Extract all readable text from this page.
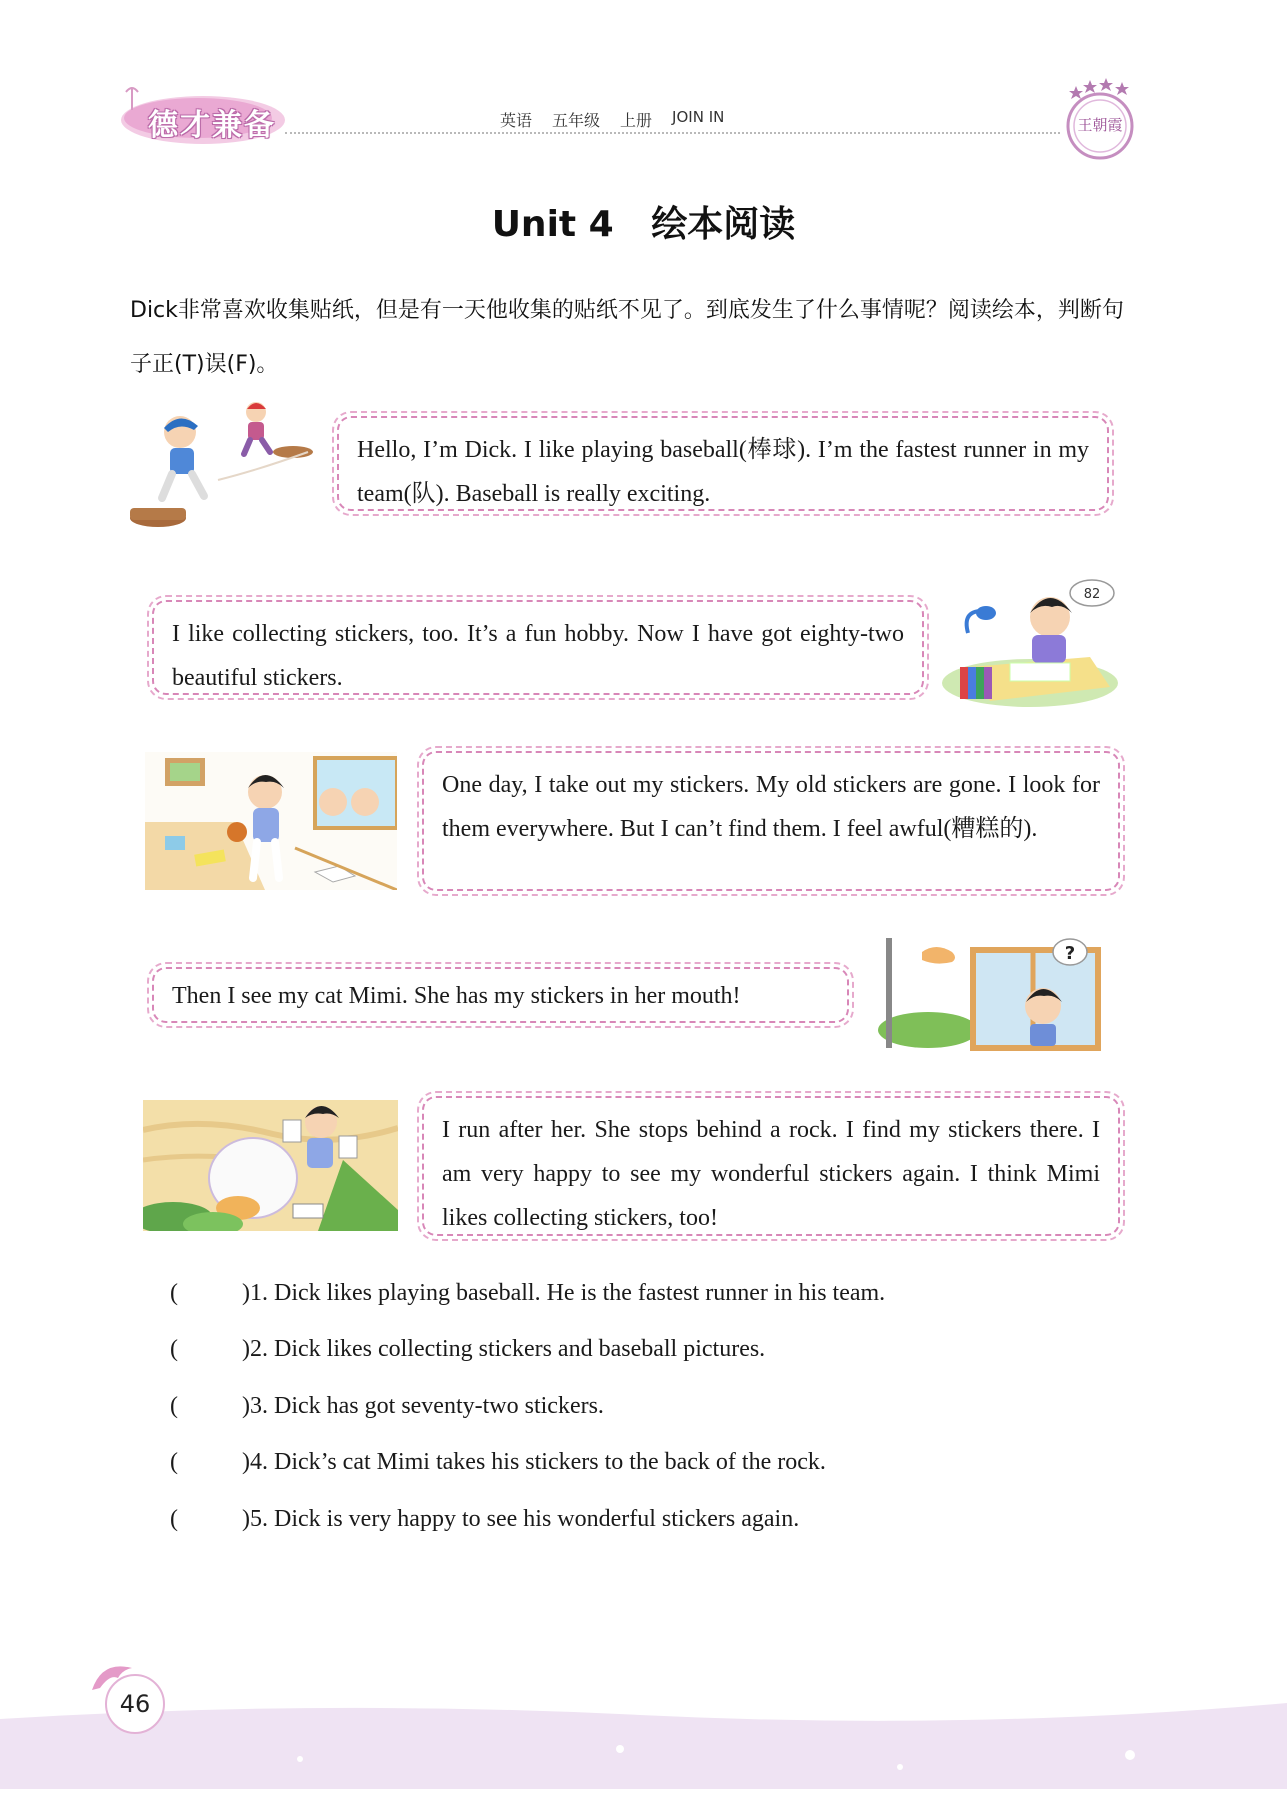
德才兼备	英语 五年级 上册 JOIN IN	王朝霞
Unit 4   绘本阅读
Dick非常喜欢收集贴纸，但是有一天他收集的贴纸不见了。到底发生了什么事情呢？阅读绘本，判断句子正(T)误(F)。
Hello, I’m Dick. I like playing baseball(棒球). I’m the fastest runner in my team(队). Baseball is really exciting.
I like collecting stickers, too. It’s a fun hobby. Now I have got eighty-two beautiful stickers.
82
One day, I take out my stickers. My old stickers are gone. I look for them everywhere. But I can’t find them. I feel awful(糟糕的).
Then I see my cat Mimi. She has my stickers in her mouth!
?
I run after her. She stops behind a rock. I find my stickers there. I am very happy to see my wonderful stickers again. I think Mimi likes collecting stickers, too!
(	) 1. Dick likes playing baseball. He is the fastest runner in his team.
(	) 2. Dick likes collecting stickers and baseball pictures.
(	) 3. Dick has got seventy-two stickers.
(	) 4. Dick’s cat Mimi takes his stickers to the back of the rock.
(	) 5. Dick is very happy to see his wonderful stickers again.
46
